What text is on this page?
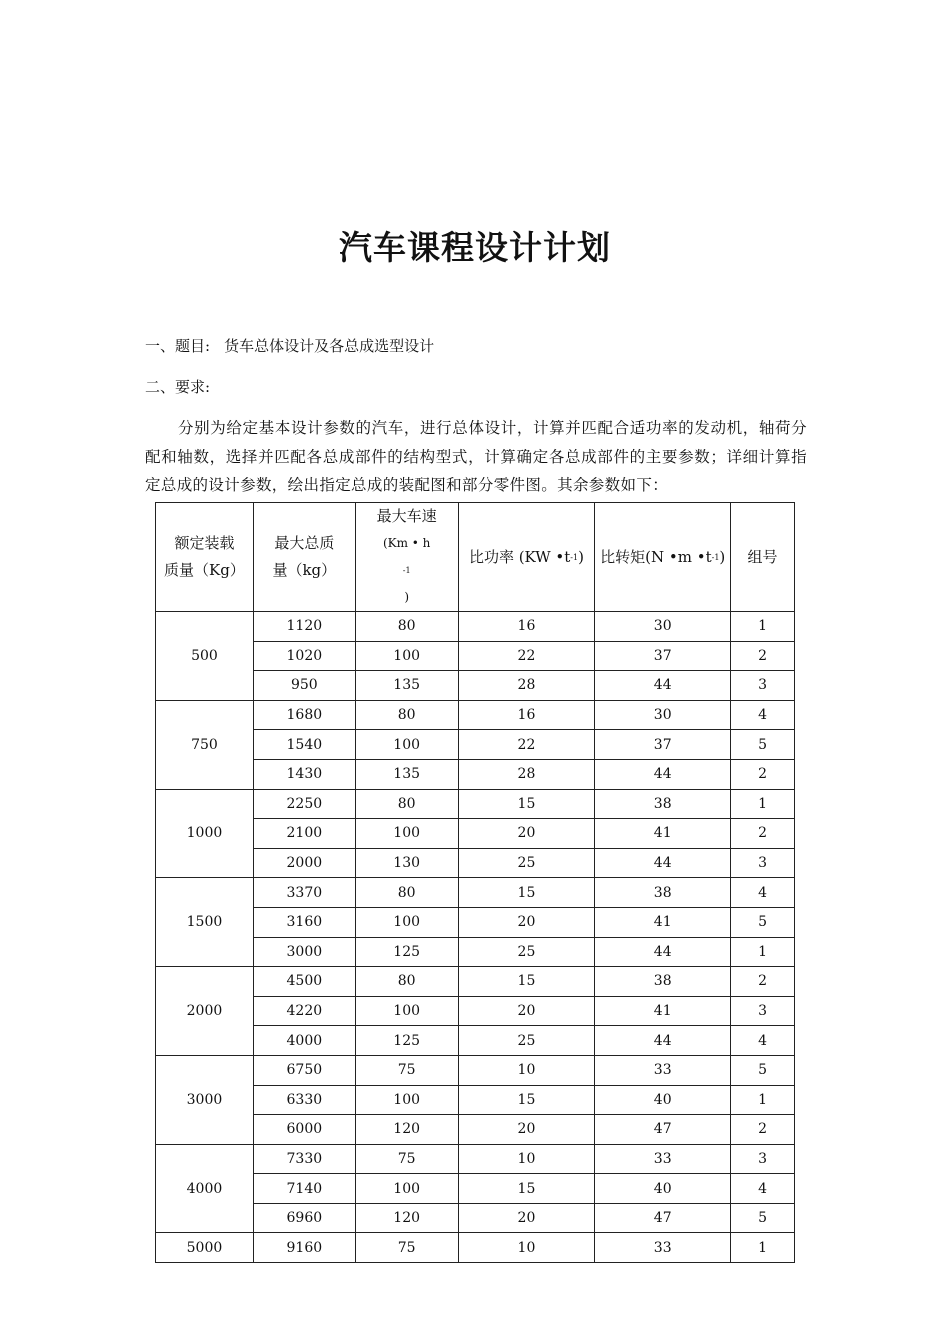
汽车课程设计计划
一、题目: 货车总体设计及各总成选型设计
二、要求:

分别为给定基本设计参数的汽车，进行总体设计，计算并匹配合适功率的发动机，轴荷分配和轴数，选择并匹配各总成部件的结构型式，计算确定各总成部件的主要参数；详细计算指定总成的设计参数，绘出指定总成的装配图和部分零件图。其余参数如下：

额定装载
质量（Kg）	最大总质
量（kg）	最大车速
(Km • h
-1
)	比功率 (KW $•t^{-1}$)	比转矩(N •m $•t^{-1}$)	组号
500	1120	80	16	30	1
	1020	100	22	37	2
	950	135	28	44	3
750	1680	80	16	30	4
	1540	100	22	37	5
	1430	135	28	44	2
1000	2250	80	15	38	1
	2100	100	20	41	2
	2000	130	25	44	3
1500	3370	80	15	38	4
	3160	100	20	41	5
	3000	125	25	44	1
2000	4500	80	15	38	2
	4220	100	20	41	3
	4000	125	25	44	4
3000	6750	75	10	33	5
	6330	100	15	40	1
	6000	120	20	47	2
4000	7330	75	10	33	3
	7140	100	15	40	4
	6960	120	20	47	5
5000	9160	75	10	33	1
